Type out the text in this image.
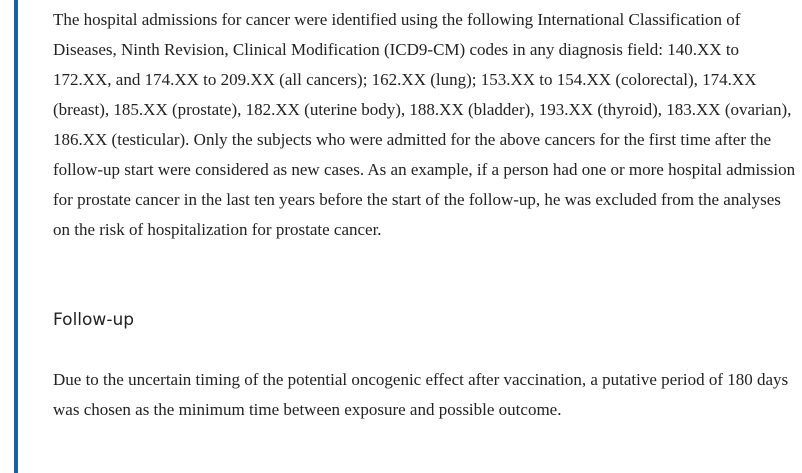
The hospital admissions for cancer were identified using the following International Classification of Diseases, Ninth Revision, Clinical Modification (ICD9-CM) codes in any diagnosis field: 140.XX to 172.XX, and 174.XX to 209.XX (all cancers); 162.XX (lung); 153.XX to 154.XX (colorectal), 174.XX (breast), 185.XX (prostate), 182.XX (uterine body), 188.XX (bladder), 193.XX (thyroid), 183.XX (ovarian), 186.XX (testicular). Only the subjects who were admitted for the above cancers for the first time after the follow-up start were considered as new cases. As an example, if a person had one or more hospital admission for prostate cancer in the last ten years before the start of the follow-up, he was excluded from the analyses on the risk of hospitalization for prostate cancer.

Follow-up

Due to the uncertain timing of the potential oncogenic effect after vaccination, a putative period of 180 days was chosen as the minimum time between exposure and possible outcome.
